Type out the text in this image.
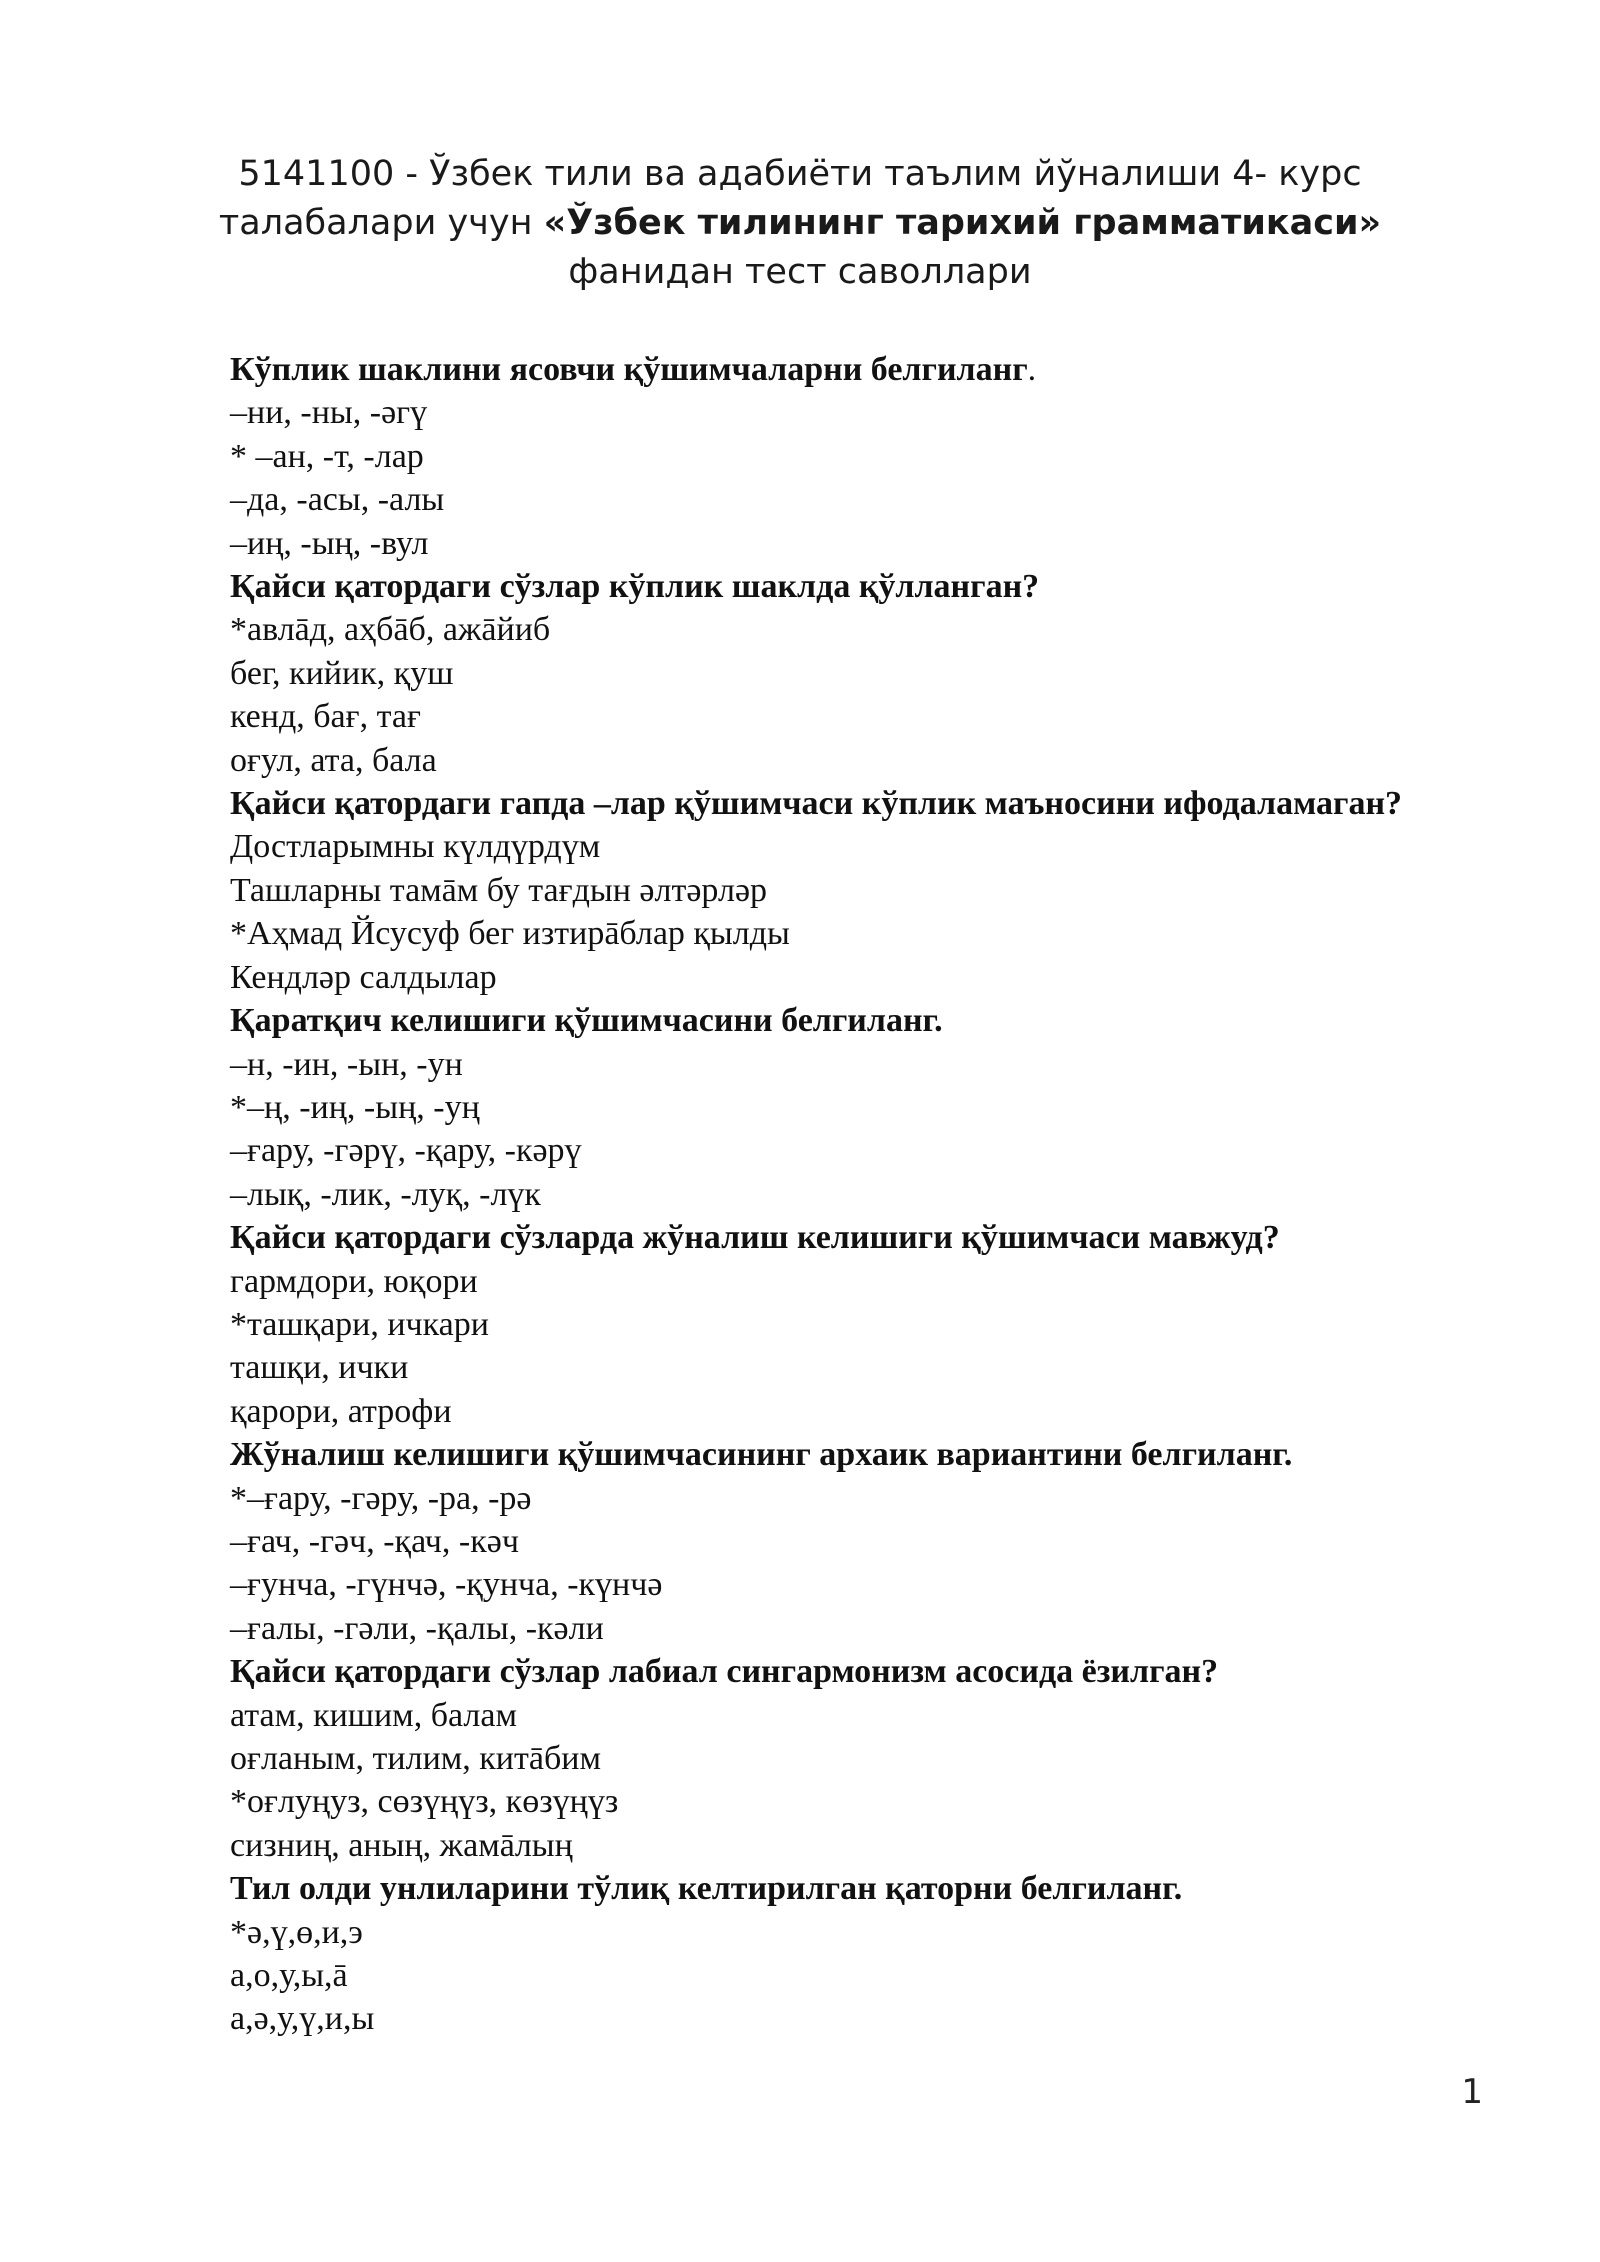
5141100 - Ўзбек тили ва адабиёти таълим йўналиши 4- курс
талабалари учун «Ўзбек тилининг тарихий грамматикаси»
фанидан тест саволлари

Кўплик шаклини ясовчи қўшимчаларни белгиланг.

–ни, -ны, -әгү

* –ан, -т, -лар

–да, -асы, -алы

–иң, -ың, -вул

Қайси қатордаги сўзлар кўплик шаклда қўлланган?

*авлāд, аҳбāб, ажāйиб

бег, кийик, қуш

кенд, бағ, тағ

оғул, ата, бала

Қайси қатордаги гапда –лар қўшимчаси кўплик маъносини ифодаламаган?

Достларымны күлдүрдүм

Ташларны тамāм бу тағдын әлтәрләр

*Аҳмад Йсусуф бег изтирāблар қылды

Кендләр салдылар

Қаратқич келишиги қўшимчасини белгиланг.

–н, -ин, -ын, -ун

*–ң, -иң, -ың, -уң

–ғару, -гәрү, -қару, -кәрү

–лық, -лик, -луқ, -лүк

Қайси қатордаги сўзларда жўналиш келишиги қўшимчаси мавжуд?

гармдори, юқори

*ташқари, ичкари

ташқи, ички

қарори, атрофи

Жўналиш келишиги қўшимчасининг архаик вариантини белгиланг.

*–ғару, -гәру, -ра, -рә

–ғач, -гәч, -қач, -кәч

–ғунча, -гүнчә, -қунча, -күнчә

–ғалы, -гәли, -қалы, -кәли

Қайси қатордаги сўзлар лабиал сингармонизм асосида ёзилган?

атам, кишим, балам

оғланым, тилим, китāбим

*оғлуңуз, сөзүңүз, көзүңүз

сизниң, аның, жамāлың

Тил олди унлиларини тўлиқ келтирилган қаторни белгиланг.

*ә,ү,ө,и,э

а,о,у,ы,ā

а,ә,у,ү,и,ы

1
